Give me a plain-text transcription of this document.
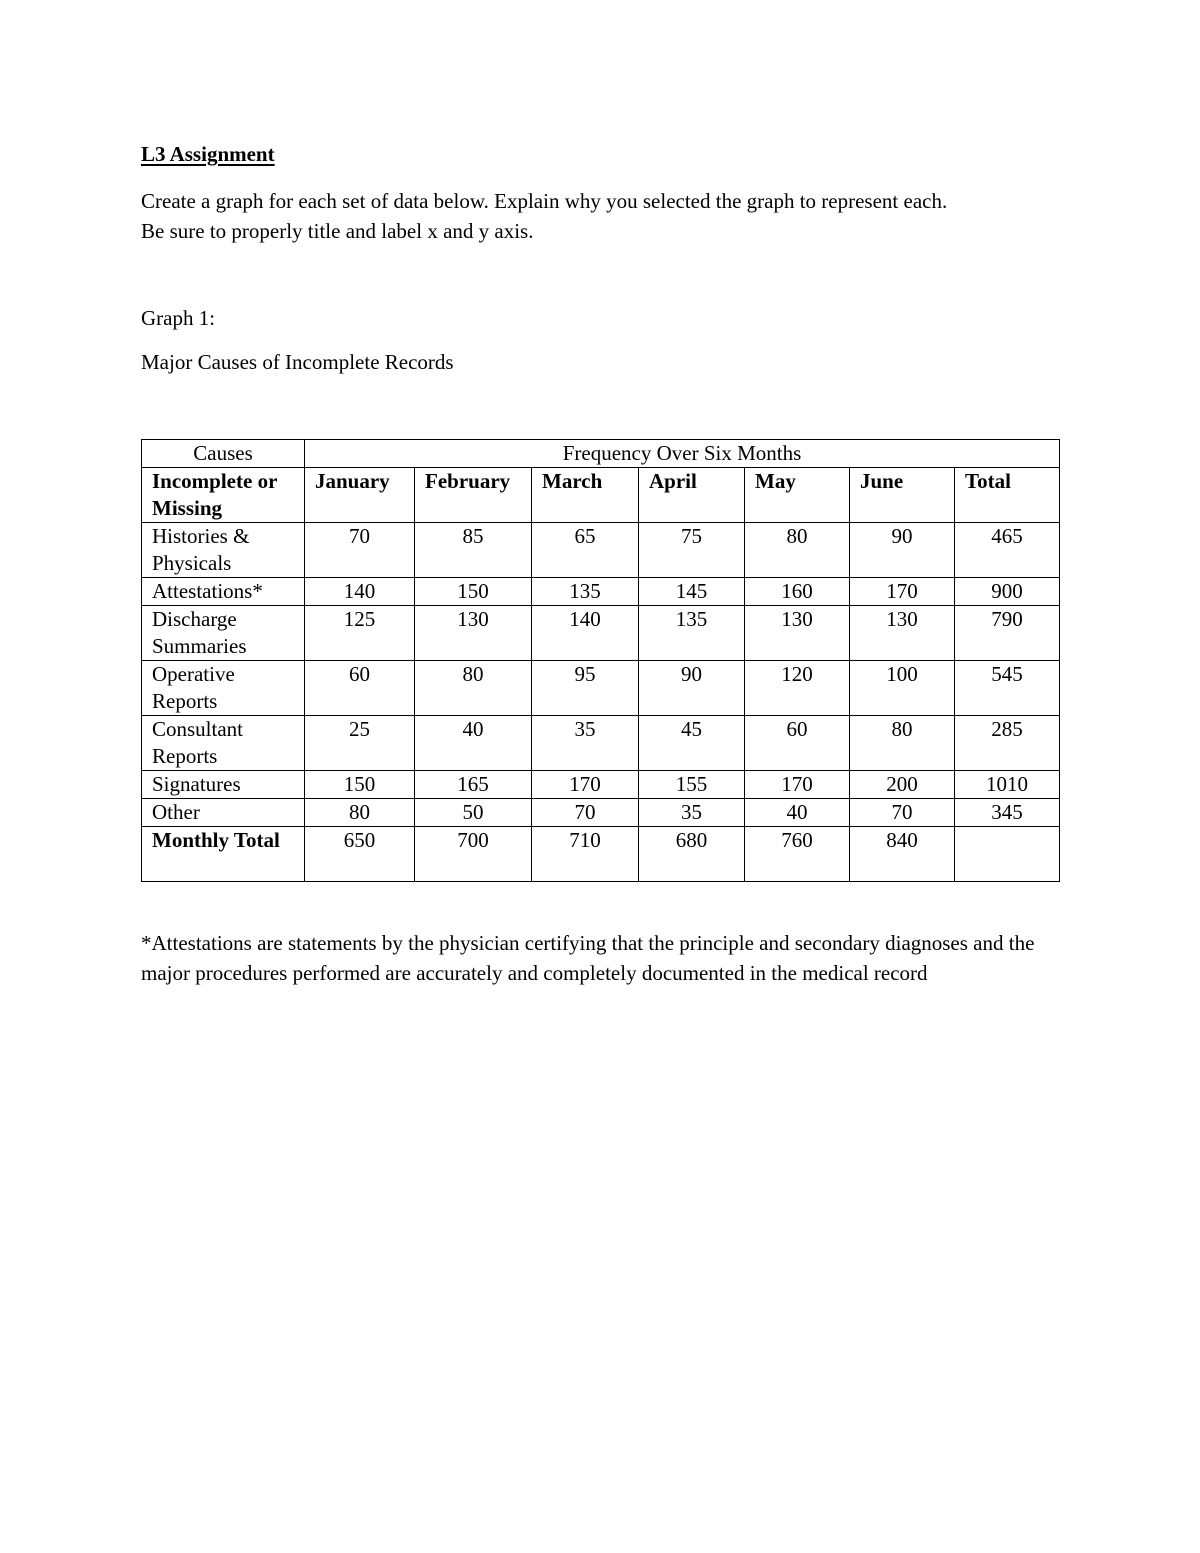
L3 Assignment

Create a graph for each set of data below. Explain why you selected the graph to represent each.

Be sure to properly title and label x and y axis.

Graph 1:
Major Causes of Incomplete Records
Causes	Frequency Over Six Months						
Incomplete or Missing	January	February	March	April	May	June	Total
Histories & Physicals	70	85	65	75	80	90	465
Attestations*	140	150	135	145	160	170	900
Discharge Summaries	125	130	140	135	130	130	790
Operative Reports	60	80	95	90	120	100	545
Consultant Reports	25	40	35	45	60	80	285
Signatures	150	165	170	155	170	200	1010
Other	80	50	70	35	40	70	345
Monthly Total	650	700	710	680	760	840	
*Attestations are statements by the physician certifying that the principle and secondary diagnoses and the major procedures performed are accurately and completely documented in the medical record
